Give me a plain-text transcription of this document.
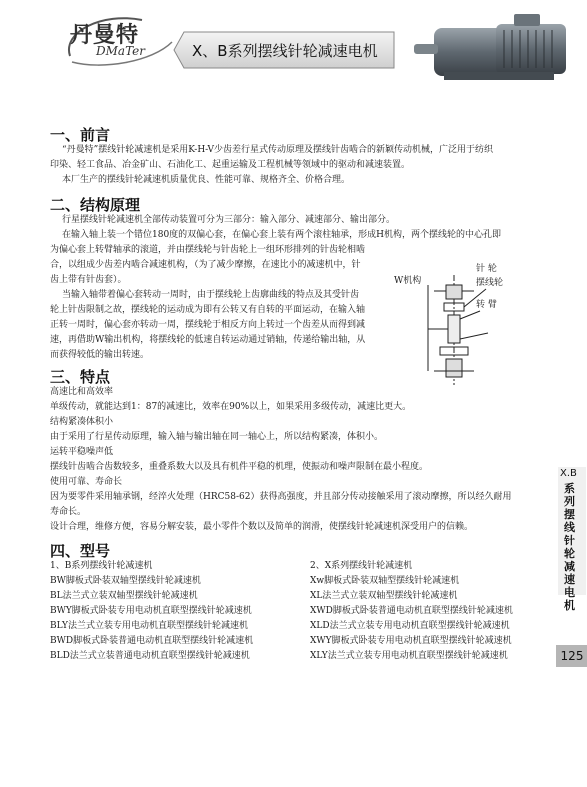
丹曼特
DMaTer	X、B系列摆线针轮减速电机
一、前言
“丹曼特”摆线针轮减速机是采用K-H-V少齿差行星式传动原理及摆线针齿啮合的新颖传动机械，广泛用于纺织
印染、轻工食品、冶金矿山、石油化工、起重运输及工程机械等领域中的驱动和减速装置。
本厂生产的摆线针轮减速机质量优良、性能可靠、规格齐全、价格合理。
二、结构原理
行星摆线针轮减速机全部传动装置可分为三部分：输入部分、减速部分、输出部分。
在输入轴上装一个错位180度的双偏心套，在偏心套上装有两个滚柱轴承，形成H机构，两个摆线轮的中心孔即
为偏心套上转臂轴承的滚道，并由摆线轮与针齿轮上一组环形排列的针齿轮相啮
合，以组成少齿差内啮合减速机构，（为了减少摩擦，在速比小的减速机中，针
齿上带有针齿套）。
当输入轴带着偏心套转动一周时，由于摆线轮上齿廓曲线的特点及其受针齿
轮上针齿限制之故，摆线轮的运动成为即有公转又有自转的平面运动，在输入轴
正转一周时，偏心套亦转动一周，摆线轮于相反方向上转过一个齿差从而得到减
速，再借助W输出机构，将摆线轮的低速自转运动通过销轴，传递给输出轴，从
而获得较低的输出转速。
针 轮
W机构	摆线轮
转 臂
三、特点
高速比和高效率
单级传动，就能达到1：87的减速比，效率在90%以上，如果采用多级传动，减速比更大。
结构紧凑体积小
由于采用了行星传动原理，输入轴与输出轴在同一轴心上，所以结构紧凑，体积小。
运转平稳噪声低
摆线针齿啮合齿数较多，重叠系数大以及具有机件平稳的机理，使振动和噪声限制在最小程度。
使用可靠、寿命长
因为要零件采用轴承钢，经淬火处理（HRC58-62）获得高强度，并且部分传动接触采用了滚动摩擦，所以经久耐用
寿命长。
设计合理，维修方便，容易分解安装，最小零件个数以及简单的润滑，使摆线针轮减速机深受用户的信赖。
四、型号
1、B系列摆线针轮减速机
BW脚板式卧装双轴型摆线针轮减速机
BL法兰式立装双轴型摆线针轮减速机
BWY脚板式卧装专用电动机直联型摆线针轮减速机
BLY法兰式立装专用电动机直联型摆线针轮减速机
BWD脚板式卧装普通电动机直联型摆线针轮减速机
BLD法兰式立装普通电动机直联型摆线针轮减速机
2、X系列摆线针轮减速机
Xw脚板式卧装双轴型摆线针轮减速机
XL法兰式立装双轴型摆线针轮减速机
XWD脚板式卧装普通电动机直联型摆线针轮减速机
XLD法兰式立装专用电动机直联型摆线针轮减速机
XWY脚板式卧装专用电动机直联型摆线针轮减速机
XLY法兰式立装专用电动机直联型摆线针轮减速机
X.B
系列摆线针轮减速电机
125
